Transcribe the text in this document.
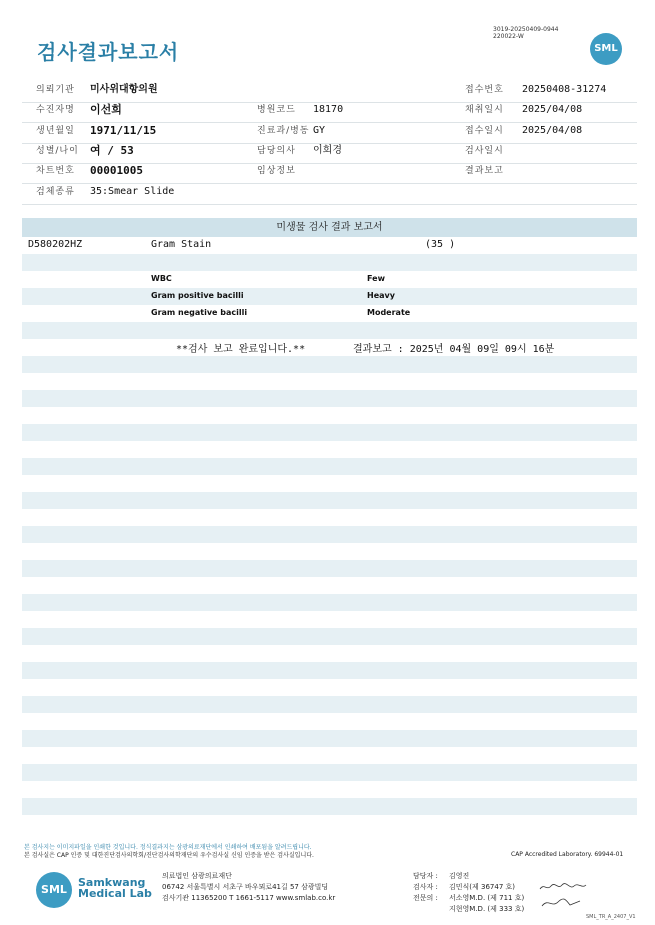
검사결과보고서
3019-20250409-0944
220022-W
SML
의뢰기관 미사위대항의원	접수번호 20250408-31274
수진자명 이선희	병원코드 18170	채취일시 2025/04/08
생년월일 1971/11/15	진료과/병동 GY	접수일시 2025/04/08
성별/나이 여 / 53	담당의사 이희경	검사일시
차트번호 00001005	임상정보	결과보고
검체종류 35:Smear Slide
미생물 검사 결과 보고서
D580202HZ	Gram Stain	(35 )
WBC	Few
Gram positive bacilli	Heavy
Gram negative bacilli	Moderate
**검사 보고 완료입니다.**	결과보고 : 2025년 04월 09일 09시 16분
본 검사지는 이미지파일을 인쇄한 것입니다. 정식결과지는 삼광의료재단에서 인쇄하여 배포됨을 알려드립니다.
본 검사실은 CAP 인증 및 대한진단검사의학회/진단검사의학재단의 우수검사실 신임 인증을 받은 검사실입니다.	CAP Accredited Laboratory. 69944-01
SML
Samkwang
Medical Lab
의료법인 삼광의료재단
06742 서울특별시 서초구 바우뫼로41길 57 삼광빌딩
검사기관 11365200 T 1661-5117 www.smlab.co.kr
담당자 : 김영진
검사자 : 김민식(제 36747 호)
전문의 : 서소영M.D. (제 711 호)
지현영M.D. (제 333 호)
SML_TR_A_2407_V1
